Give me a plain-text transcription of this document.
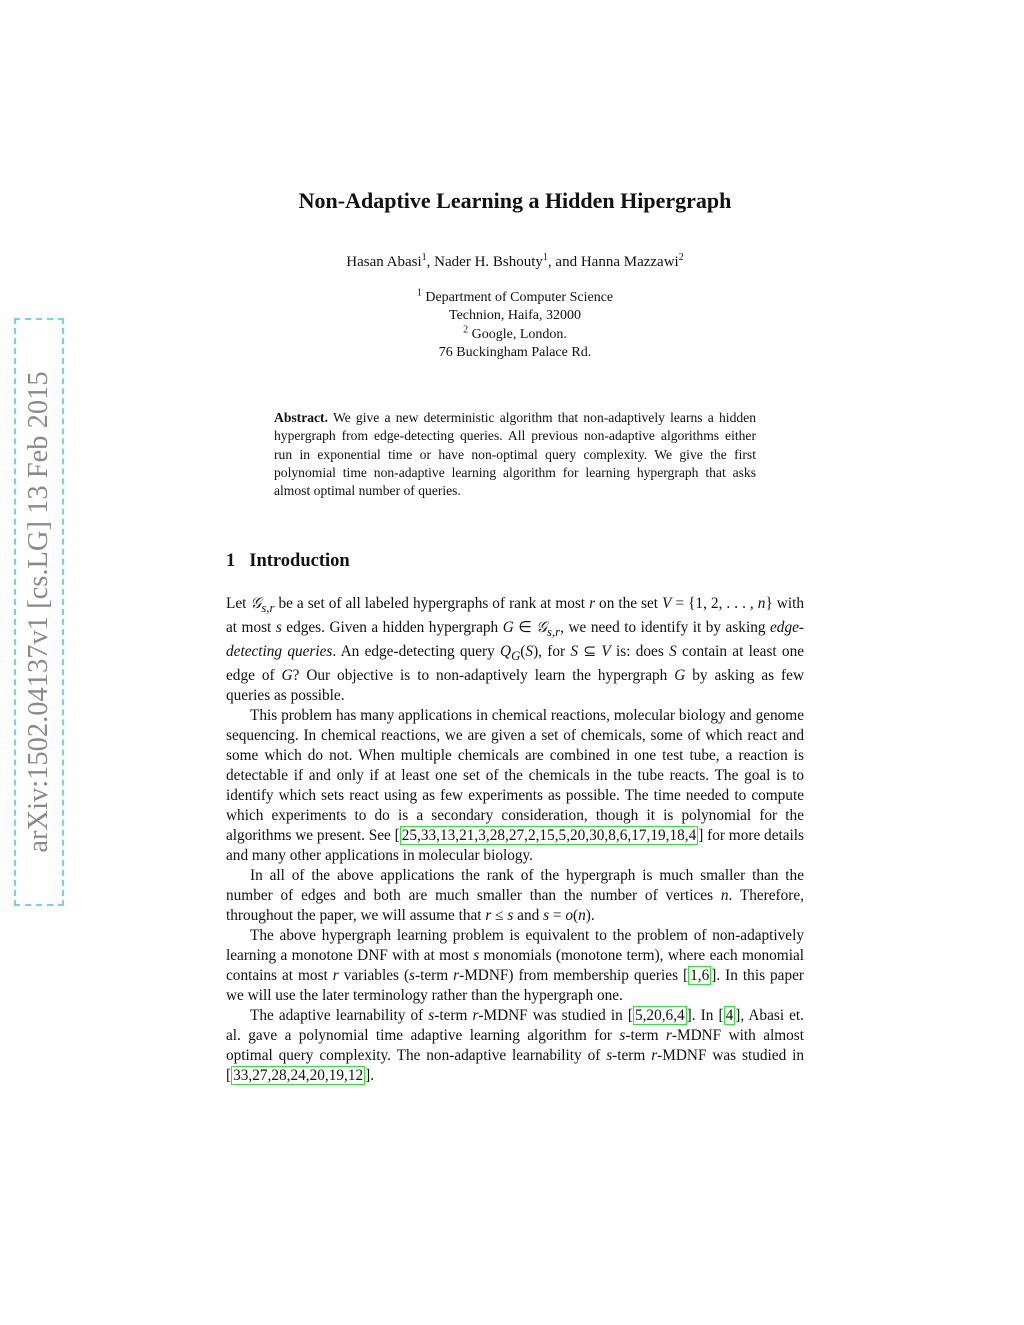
arXiv:1502.04137v1 [cs.LG] 13 Feb 2015
Non-Adaptive Learning a Hidden Hipergraph
Hasan Abasi$^1$, Nader H. Bshouty$^1$, and Hanna Mazzawi$^2$
$^1$ Department of Computer Science
Technion, Haifa, 32000
$^2$ Google, London.
76 Buckingham Palace Rd.
Abstract. We give a new deterministic algorithm that non-adaptively learns a hidden hypergraph from edge-detecting queries. All previous non-adaptive algorithms either run in exponential time or have non-optimal query complexity. We give the first polynomial time non-adaptive learning algorithm for learning hypergraph that asks almost optimal number of queries.
1 Introduction

Let 𝒢$_{s,r}$ be a set of all labeled hypergraphs of rank at most r on the set V = {1, 2, . . . , n} with at most s edges. Given a hidden hypergraph G ∈ 𝒢$_{s,r}$, we need to identify it by asking edge-detecting queries. An edge-detecting query $Q_G(S)$, for S ⊆ V is: does S contain at least one edge of G? Our objective is to non-adaptively learn the hypergraph G by asking as few queries as possible.

This problem has many applications in chemical reactions, molecular biology and genome sequencing. In chemical reactions, we are given a set of chemicals, some of which react and some which do not. When multiple chemicals are combined in one test tube, a reaction is detectable if and only if at least one set of the chemicals in the tube reacts. The goal is to identify which sets react using as few experiments as possible. The time needed to compute which experiments to do is a secondary consideration, though it is polynomial for the algorithms we present. See [ 25,33,13,21,3,28,27,2,15,5,20,30,8,6,17,19,18,4 ] for more details and many other applications in molecular biology.

In all of the above applications the rank of the hypergraph is much smaller than the number of edges and both are much smaller than the number of vertices n. Therefore, throughout the paper, we will assume that r ≤ s and s = o(n).

The above hypergraph learning problem is equivalent to the problem of non-adaptively learning a monotone DNF with at most s monomials (monotone term), where each monomial contains at most r variables (s-term r-MDNF) from membership queries [ 1,6 ]. In this paper we will use the later terminology rather than the hypergraph one.

The adaptive learnability of s-term r-MDNF was studied in [ 5,20,6,4 ]. In [ 4 ], Abasi et. al. gave a polynomial time adaptive learning algorithm for s-term r-MDNF with almost optimal query complexity. The non-adaptive learnability of s-term r-MDNF was studied in [ 33,27,28,24,20,19,12 ].
